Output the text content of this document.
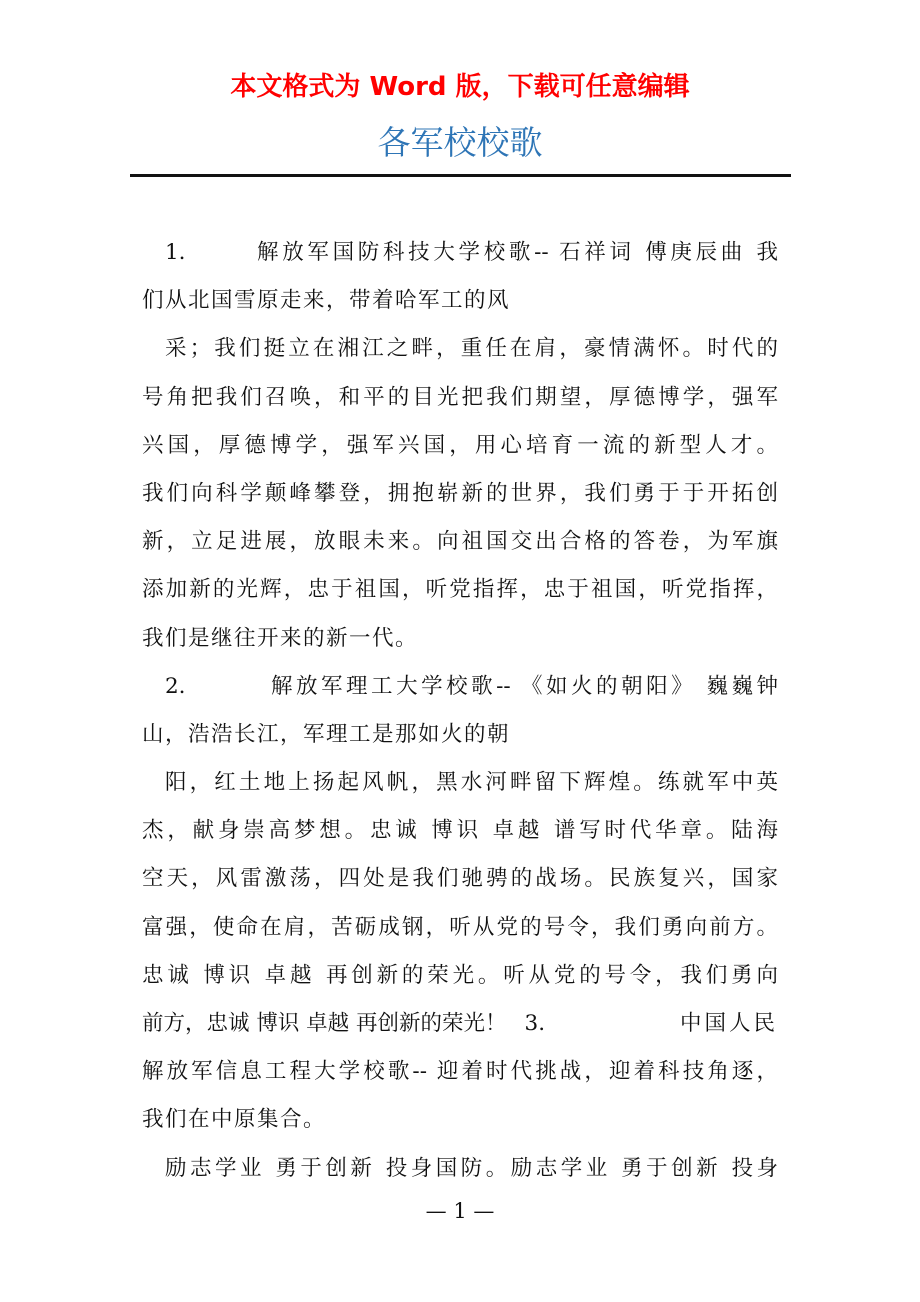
本文格式为 Word 版，下载可任意编辑
各军校校歌
1.	解放军国防科技大学校歌-- 石祥词 傅庚辰曲 我
们从北国雪原走来，带着哈军工的风
采；我们挺立在湘江之畔，重任在肩，豪情满怀。时代的
号角把我们召唤，和平的目光把我们期望，厚德博学，强军
兴国，厚德博学，强军兴国，用心培育一流的新型人才。
我们向科学颠峰攀登，拥抱崭新的世界，我们勇于于开拓创
新，立足进展，放眼未来。向祖国交出合格的答卷，为军旗
添加新的光辉，忠于祖国，听党指挥，忠于祖国，听党指挥，
我们是继往开来的新一代。
2.	解放军理工大学校歌-- 《如火的朝阳》 巍巍钟
山，浩浩长江，军理工是那如火的朝
阳，红土地上扬起风帆，黑水河畔留下辉煌。练就军中英
杰，献身崇高梦想。忠诚 博识 卓越 谱写时代华章。陆海
空天，风雷激荡，四处是我们驰骋的战场。民族复兴，国家
富强，使命在肩，苦砺成钢，听从党的号令，我们勇向前方。
忠诚 博识 卓越 再创新的荣光。听从党的号令，我们勇向
前方，忠诚 博识 卓越 再创新的荣光！ 3.	中国人民
解放军信息工程大学校歌-- 迎着时代挑战，迎着科技角逐，
我们在中原集合。
励志学业 勇于创新 投身国防。励志学业 勇于创新 投身
— 1 —
